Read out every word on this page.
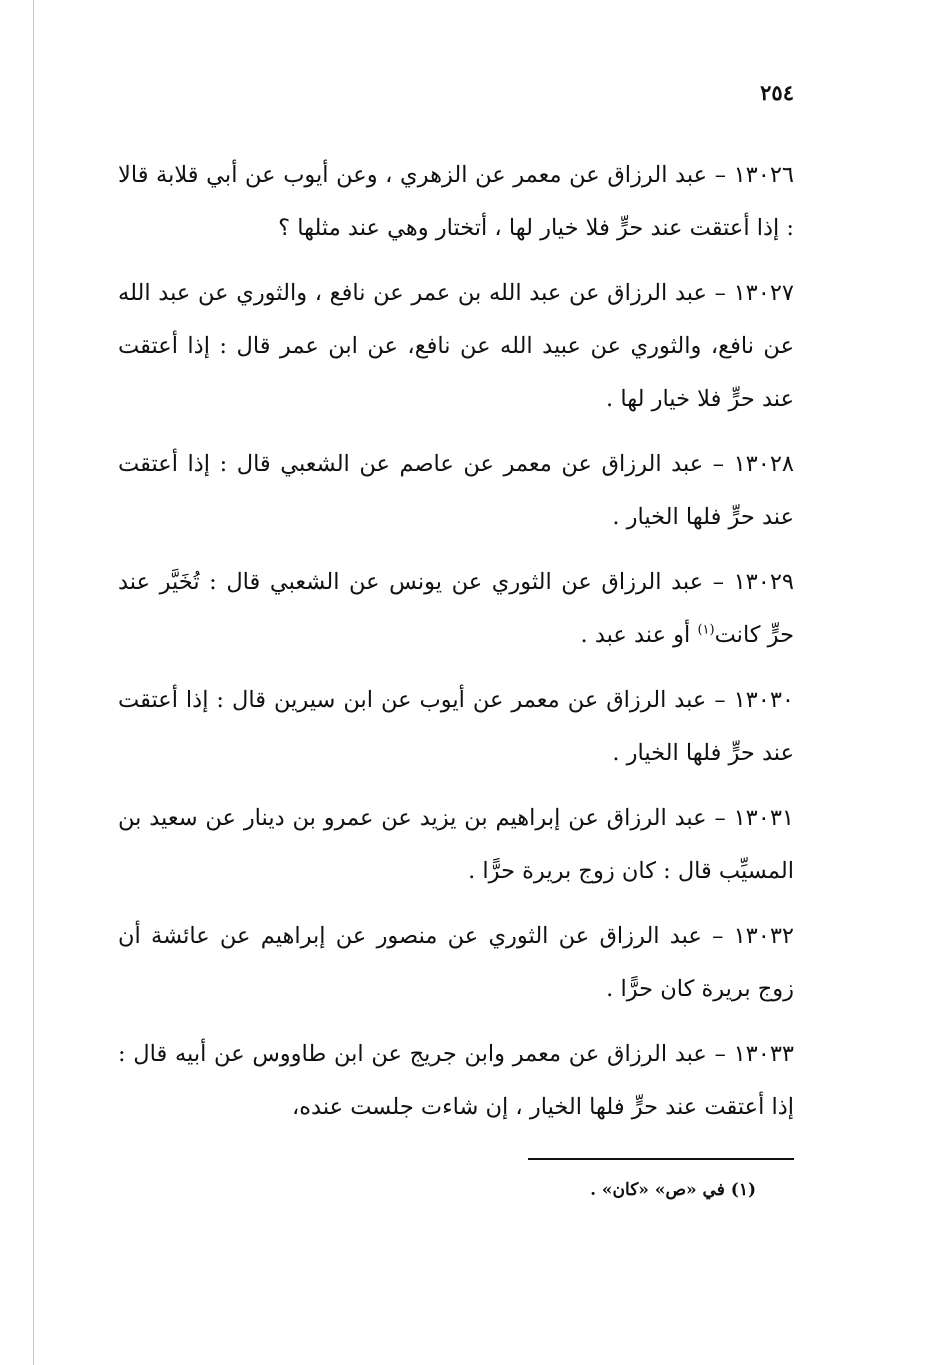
٢٥٤

١٣٠٢٦ – عبد الرزاق عن معمر عن الزهري ، وعن أيوب عن أبي قلابة قالا : إذا أعتقت عند حرٍّ فلا خيار لها ، أتختار وهي عند مثلها ؟

١٣٠٢٧ – عبد الرزاق عن عبد الله بن عمر عن نافع ، والثوري عن عبد الله عن نافع، والثوري عن عبيد الله عن نافع، عن ابن عمر قال : إذا أعتقت عند حرٍّ فلا خيار لها .

١٣٠٢٨ – عبد الرزاق عن معمر عن عاصم عن الشعبي قال : إذا أعتقت عند حرٍّ فلها الخيار .

١٣٠٢٩ – عبد الرزاق عن الثوري عن يونس عن الشعبي قال : تُخَيَّر عند حرٍّ كانت$^{(١)}$ أو عند عبد .

١٣٠٣٠ – عبد الرزاق عن معمر عن أيوب عن ابن سيرين قال : إذا أعتقت عند حرٍّ فلها الخيار .

١٣٠٣١ – عبد الرزاق عن إبراهيم بن يزيد عن عمرو بن دينار عن سعيد بن المسيِّب قال : كان زوج بريرة حرًّا .

١٣٠٣٢ – عبد الرزاق عن الثوري عن منصور عن إبراهيم عن عائشة أن زوج بريرة كان حرًّا .

١٣٠٣٣ – عبد الرزاق عن معمر وابن جريج عن ابن طاووس عن أبيه قال : إذا أعتقت عند حرٍّ فلها الخيار ، إن شاءت جلست عنده،

(١) في «ص» «كان» .
